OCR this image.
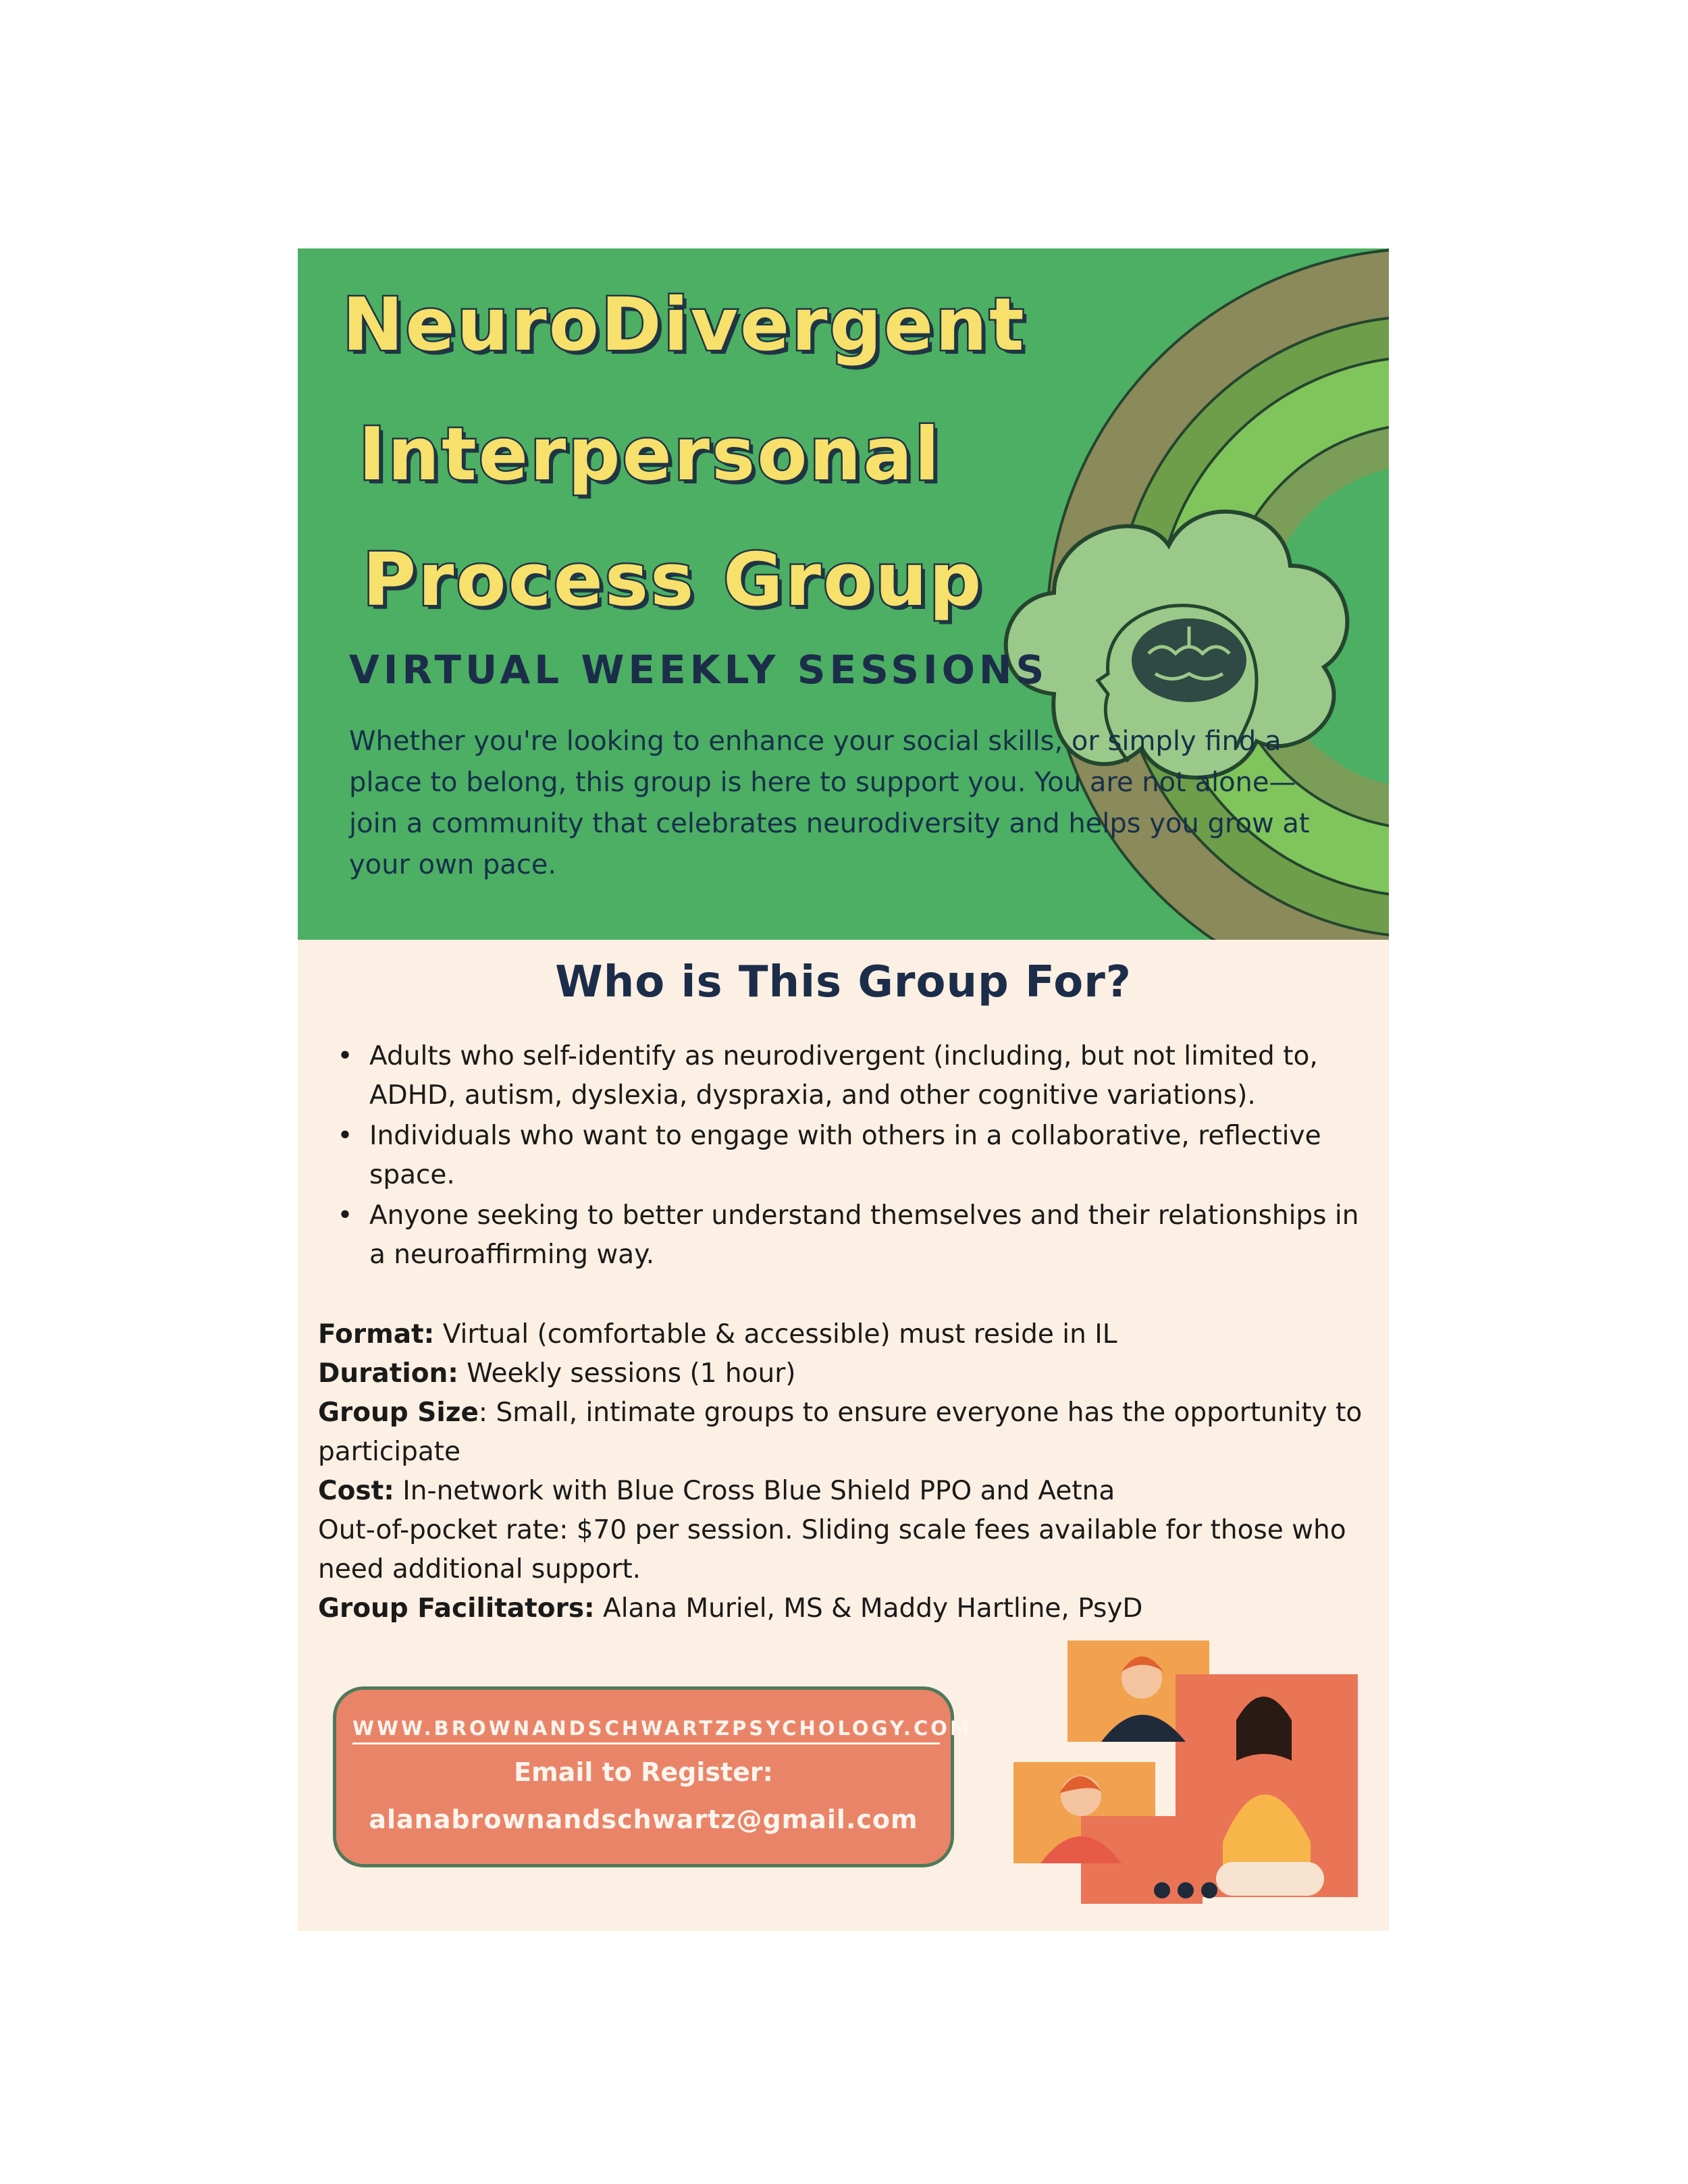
NeuroDivergent
Interpersonal
Process Group
VIRTUAL WEEKLY SESSIONS

Whether you're looking to enhance your social skills, or simply find a place to belong, this group is here to support you. You are not alone—join a community that celebrates neurodiversity and helps you grow at your own pace.

Who is This Group For?
• Adults who self-identify as neurodivergent (including, but not limited to, ADHD, autism, dyslexia, dyspraxia, and other cognitive variations).
• Individuals who want to engage with others in a collaborative, reflective space.
• Anyone seeking to better understand themselves and their relationships in a neuroaffirming way.

Format: Virtual (comfortable & accessible) must reside in IL

Duration: Weekly sessions (1 hour)

Group Size: Small, intimate groups to ensure everyone has the opportunity to participate

Cost: In-network with Blue Cross Blue Shield PPO and Aetna

Out-of-pocket rate: $70 per session. Sliding scale fees available for those who need additional support.

Group Facilitators: Alana Muriel, MS & Maddy Hartline, PsyD

WWW.BROWNANDSCHWARTZPSYCHOLOGY.COM
Email to Register:
alanabrownandschwartz@gmail.com
